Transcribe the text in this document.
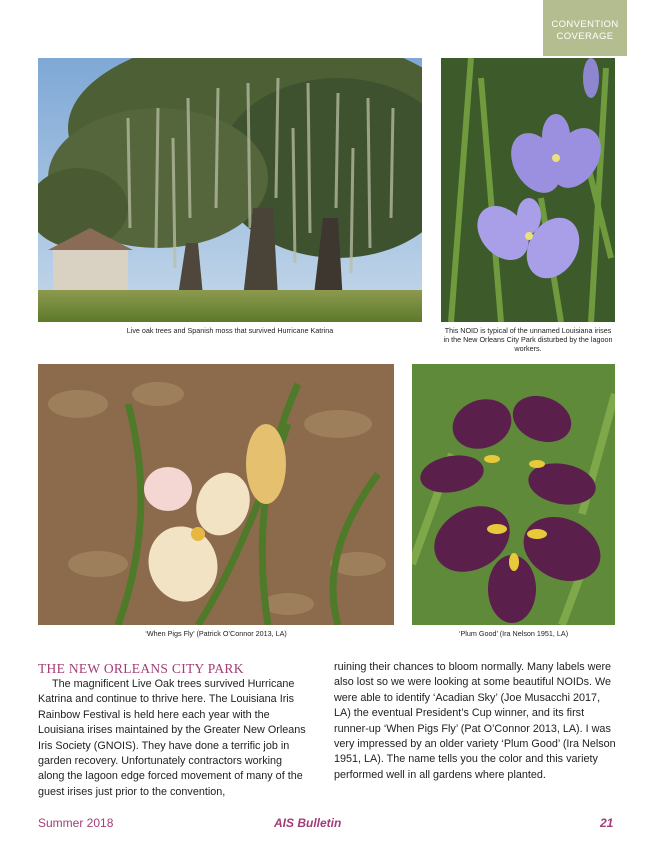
CONVENTION
COVERAGE
Live oak trees and Spanish moss that survived Hurricane Katrina	This NOID is typical of the unnamed Louisiana irises in the New Orleans City Park disturbed by the lagoon workers.
‘When Pigs Fly’ (Patrick O’Connor 2013, LA)	‘Plum Good’ (Ira Nelson 1951, LA)
THE NEW ORLEANS CITY PARK

The magnificent Live Oak trees survived Hurricane Katrina and continue to thrive here. The Louisiana Iris Rainbow Festival is held here each year with the Louisiana irises maintained by the Greater New Orleans Iris Society (GNOIS). They have done a terrific job in garden recovery. Unfortunately contractors working along the lagoon edge forced movement of many of the guest irises just prior to the convention,

ruining their chances to bloom normally. Many labels were also lost so we were looking at some beautiful NOIDs. We were able to identify ‘Acadian Sky’ (Joe Musacchi 2017, LA) the eventual President’s Cup winner, and its first runner-up ‘When Pigs Fly’ (Pat O’Connor 2013, LA). I was very impressed by an older variety ‘Plum Good’ (Ira Nelson 1951, LA). The name tells you the color and this variety performed well in all gardens where planted.

Summer 2018	AIS Bulletin	21
